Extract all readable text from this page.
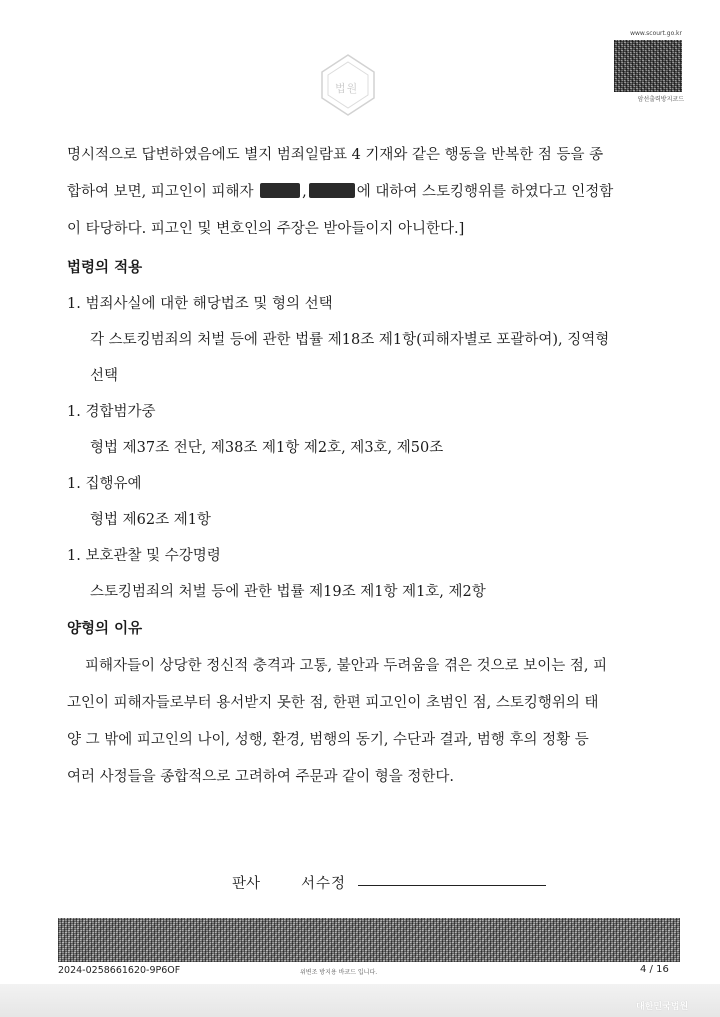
법원
www.scourt.go.kr
암선출력방지코드
명시적으로 답변하였음에도 별지 범죄일람표 4 기재와 같은 행동을 반복한 점 등을 종
합하여 보면, 피고인이 피해자	,	에 대하여 스토킹행위를 하였다고 인정함
이 타당하다. 피고인 및 변호인의 주장은 받아들이지 아니한다.]
법령의 적용
1. 범죄사실에 대한 해당법조 및 형의 선택
각 스토킹범죄의 처벌 등에 관한 법률 제18조 제1항(피해자별로 포괄하여), 징역형
선택
1. 경합범가중
형법 제37조 전단, 제38조 제1항 제2호, 제3호, 제50조
1. 집행유예
형법 제62조 제1항
1. 보호관찰 및 수강명령
스토킹범죄의 처벌 등에 관한 법률 제19조 제1항 제1호, 제2항
양형의 이유
피해자들이 상당한 정신적 충격과 고통, 불안과 두려움을 겪은 것으로 보이는 점, 피
고인이 피해자들로부터 용서받지 못한 점, 한편 피고인이 초범인 점, 스토킹행위의 태
양 그 밖에 피고인의 나이, 성행, 환경, 범행의 동기, 수단과 결과, 범행 후의 정황 등
여러 사정들을 종합적으로 고려하여 주문과 같이 형을 정한다.
판사	서수정
2024-0258661620-9P6OF	위변조 방지용 바코드 입니다.	4 / 16
대한민국법원
